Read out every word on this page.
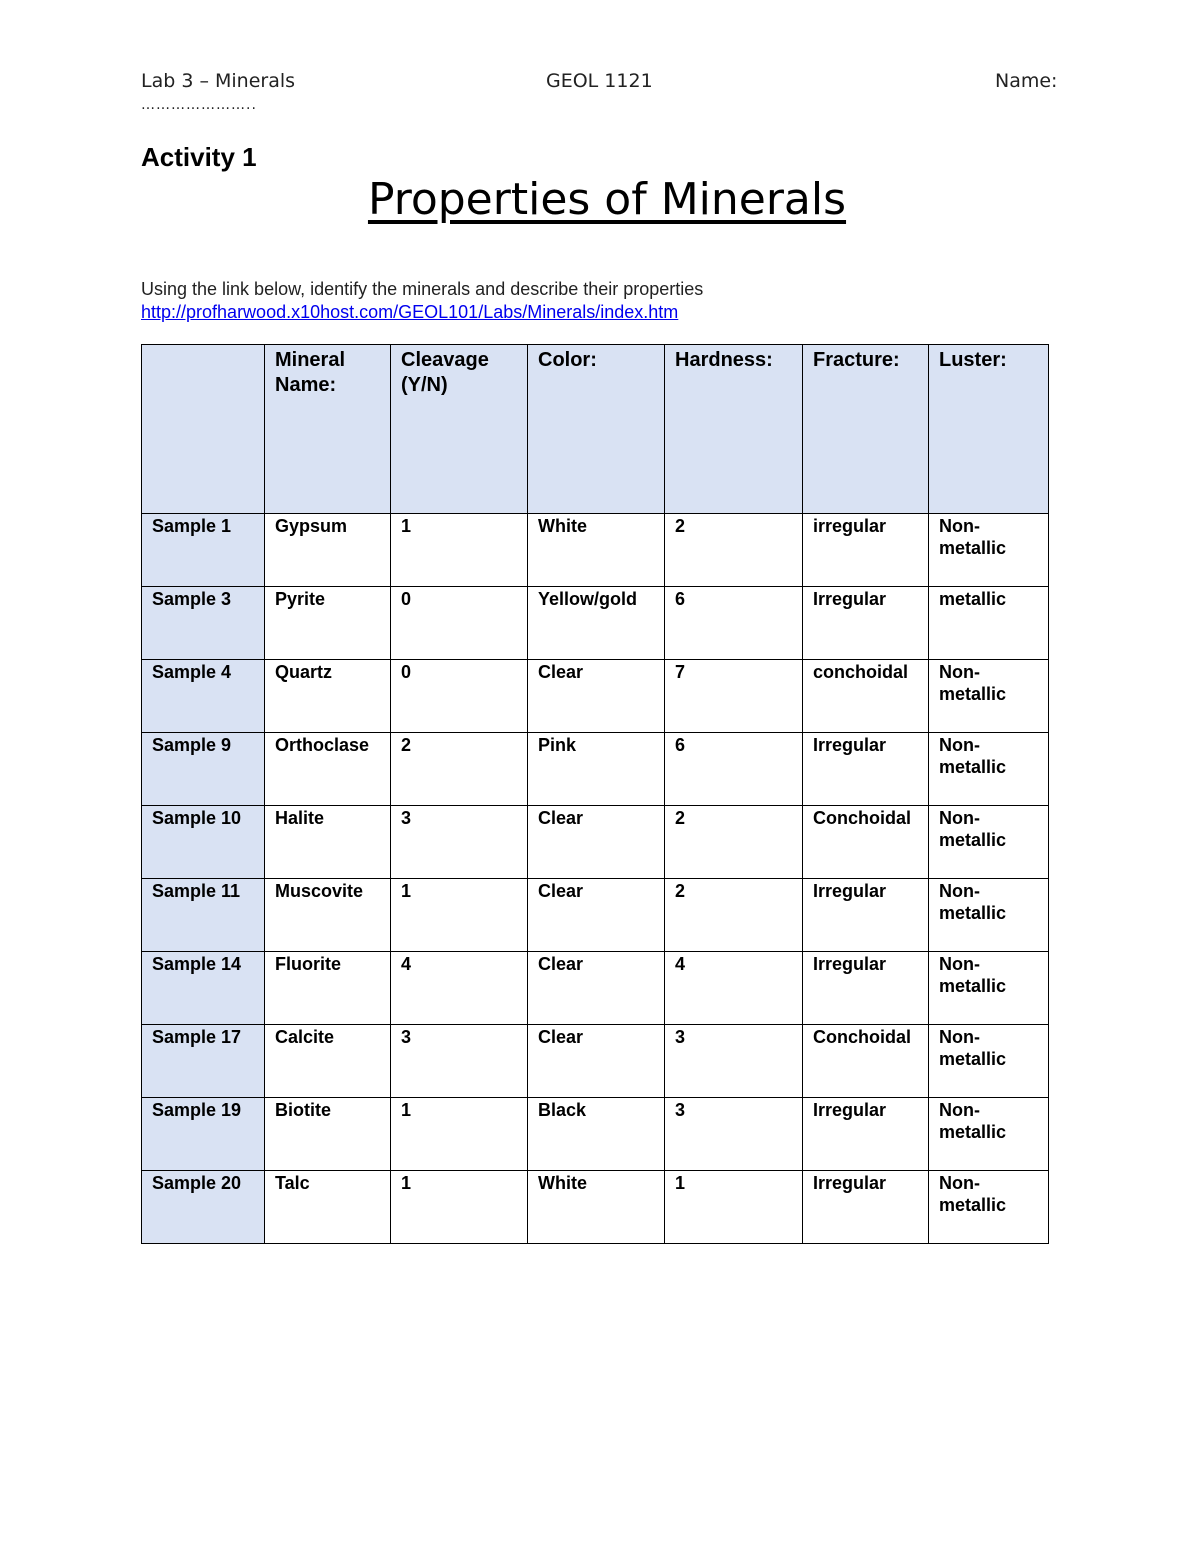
Lab 3 – Minerals	GEOL 1121	Name:
…………………..
Activity 1
Properties of Minerals
Using the link below, identify the minerals and describe their properties
http://profharwood.x10host.com/GEOL101/Labs/Minerals/index.htm
	Mineral Name:	Cleavage (Y/N)	Color:	Hardness:	Fracture:	Luster:
Sample 1	Gypsum	1	White	2	irregular	Non-metallic
Sample 3	Pyrite	0	Yellow/gold	6	Irregular	metallic
Sample 4	Quartz	0	Clear	7	conchoidal	Non-metallic
Sample 9	Orthoclase	2	Pink	6	Irregular	Non-metallic
Sample 10	Halite	3	Clear	2	Conchoidal	Non-metallic
Sample 11	Muscovite	1	Clear	2	Irregular	Non-metallic
Sample 14	Fluorite	4	Clear	4	Irregular	Non-metallic
Sample 17	Calcite	3	Clear	3	Conchoidal	Non-metallic
Sample 19	Biotite	1	Black	3	Irregular	Non-metallic
Sample 20	Talc	1	White	1	Irregular	Non-metallic
